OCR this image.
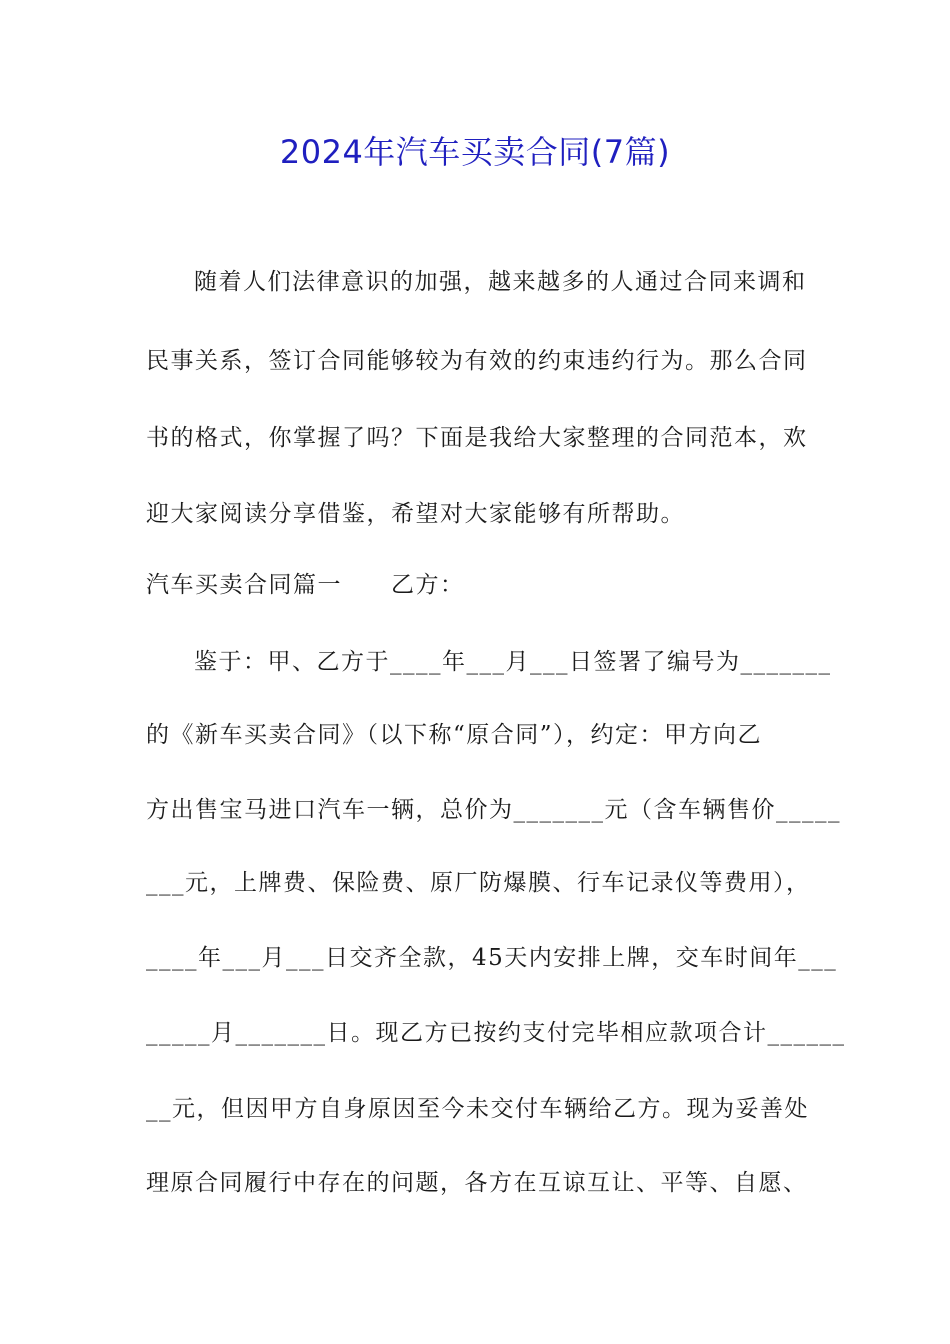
2024年汽车买卖合同(7篇)
随着人们法律意识的加强，越来越多的人通过合同来调和
民事关系，签订合同能够较为有效的约束违约行为。那么合同
书的格式，你掌握了吗？下面是我给大家整理的合同范本，欢
迎大家阅读分享借鉴，希望对大家能够有所帮助。
汽车买卖合同篇一　　乙方：
鉴于：甲、乙方于____年___月___日签署了编号为_______
的《新车买卖合同》（以下称“原合同”），约定：甲方向乙
方出售宝马进口汽车一辆，总价为_______元（含车辆售价_____
___元，上牌费、保险费、原厂防爆膜、行车记录仪等费用），
____年___月___日交齐全款，45天内安排上牌，交车时间年___
_____月_______日。现乙方已按约支付完毕相应款项合计______
__元，但因甲方自身原因至今未交付车辆给乙方。现为妥善处
理原合同履行中存在的问题，各方在互谅互让、平等、自愿、
